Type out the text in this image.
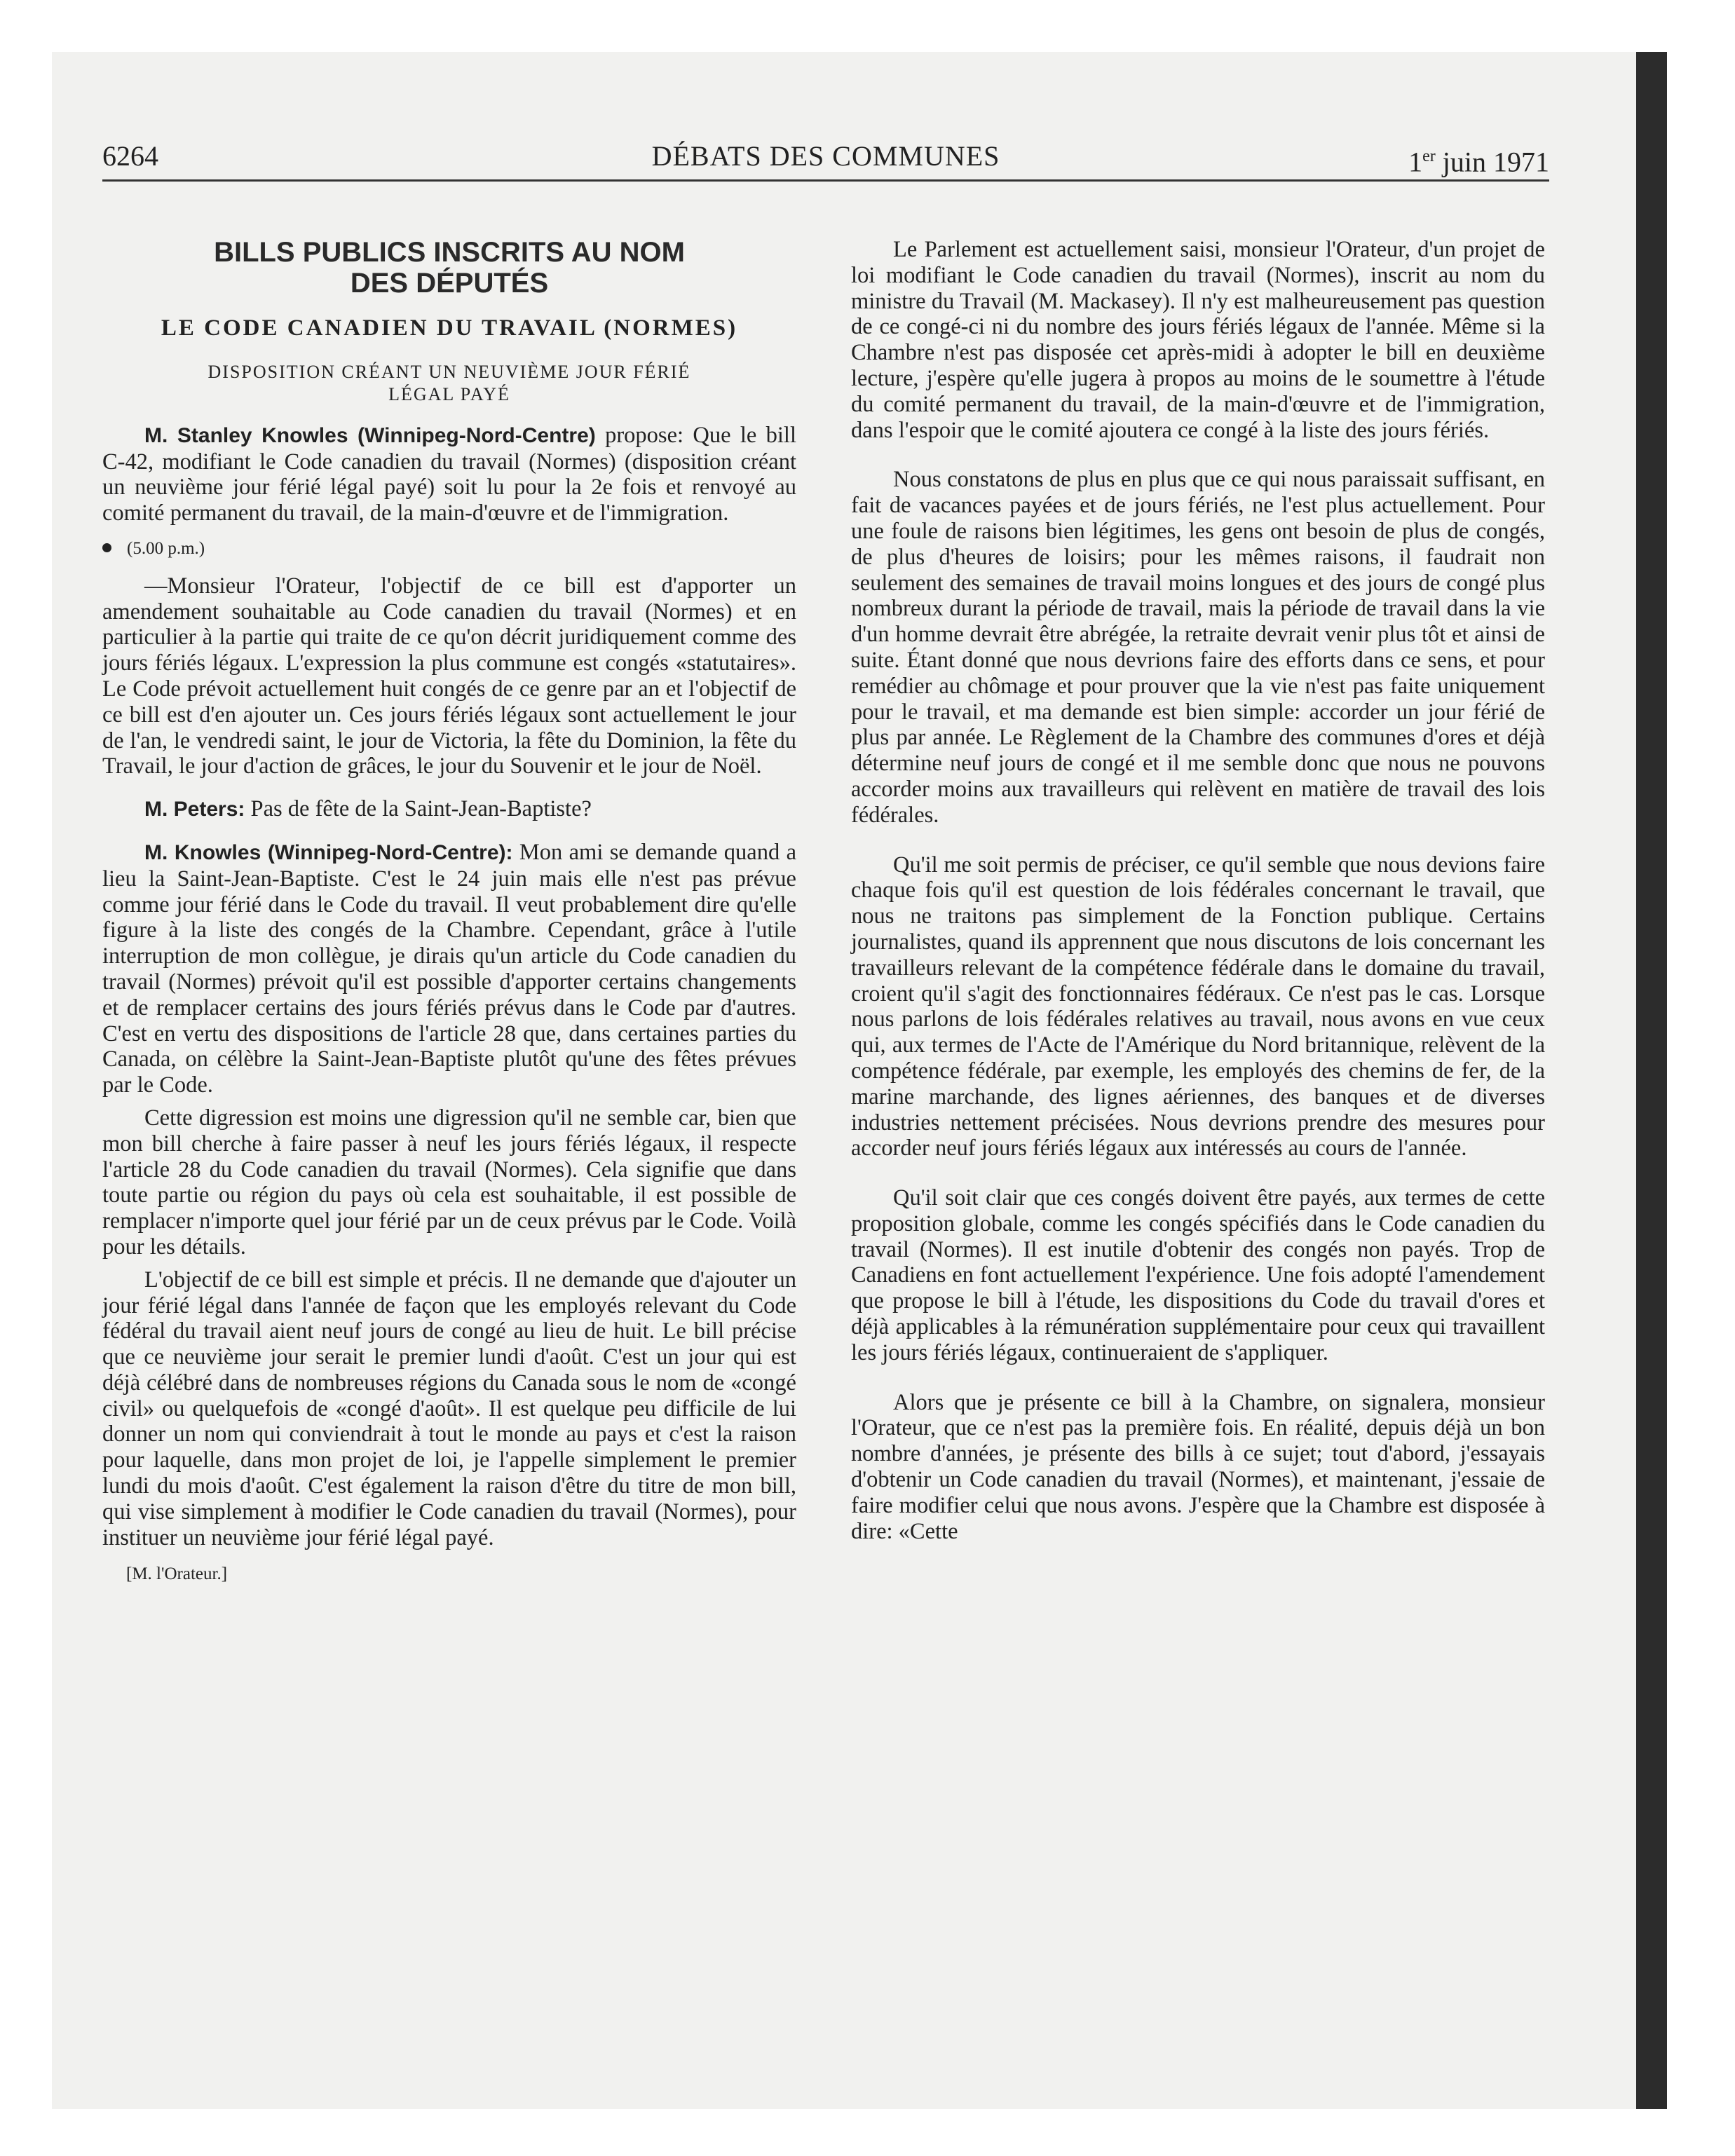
6264	DÉBATS DES COMMUNES	1er juin 1971
BILLS PUBLICS INSCRITS AU NOM DES DÉPUTÉS
LE CODE CANADIEN DU TRAVAIL (NORMES)
DISPOSITION CRÉANT UN NEUVIÈME JOUR FÉRIÉ LÉGAL PAYÉ

M. Stanley Knowles (Winnipeg-Nord-Centre) propose: Que le bill C-42, modifiant le Code canadien du travail (Normes) (disposition créant un neuvième jour férié légal payé) soit lu pour la 2e fois et renvoyé au comité permanent du travail, de la main-d'œuvre et de l'immigration.

(5.00 p.m.)

—Monsieur l'Orateur, l'objectif de ce bill est d'apporter un amendement souhaitable au Code canadien du travail (Normes) et en particulier à la partie qui traite de ce qu'on décrit juridiquement comme des jours fériés légaux. L'expression la plus commune est congés «statutaires». Le Code prévoit actuellement huit congés de ce genre par an et l'objectif de ce bill est d'en ajouter un. Ces jours fériés légaux sont actuellement le jour de l'an, le vendredi saint, le jour de Victoria, la fête du Dominion, la fête du Travail, le jour d'action de grâces, le jour du Souvenir et le jour de Noël.

M. Peters: Pas de fête de la Saint-Jean-Baptiste?

M. Knowles (Winnipeg-Nord-Centre): Mon ami se demande quand a lieu la Saint-Jean-Baptiste. C'est le 24 juin mais elle n'est pas prévue comme jour férié dans le Code du travail. Il veut probablement dire qu'elle figure à la liste des congés de la Chambre. Cependant, grâce à l'utile interruption de mon collègue, je dirais qu'un article du Code canadien du travail (Normes) prévoit qu'il est possible d'apporter certains changements et de remplacer certains des jours fériés prévus dans le Code par d'autres. C'est en vertu des dispositions de l'article 28 que, dans certaines parties du Canada, on célèbre la Saint-Jean-Baptiste plutôt qu'une des fêtes prévues par le Code.

Cette digression est moins une digression qu'il ne semble car, bien que mon bill cherche à faire passer à neuf les jours fériés légaux, il respecte l'article 28 du Code canadien du travail (Normes). Cela signifie que dans toute partie ou région du pays où cela est souhaitable, il est possible de remplacer n'importe quel jour férié par un de ceux prévus par le Code. Voilà pour les détails.

L'objectif de ce bill est simple et précis. Il ne demande que d'ajouter un jour férié légal dans l'année de façon que les employés relevant du Code fédéral du travail aient neuf jours de congé au lieu de huit. Le bill précise que ce neuvième jour serait le premier lundi d'août. C'est un jour qui est déjà célébré dans de nombreuses régions du Canada sous le nom de «congé civil» ou quelquefois de «congé d'août». Il est quelque peu difficile de lui donner un nom qui conviendrait à tout le monde au pays et c'est la raison pour laquelle, dans mon projet de loi, je l'appelle simplement le premier lundi du mois d'août. C'est également la raison d'être du titre de mon bill, qui vise simplement à modifier le Code canadien du travail (Normes), pour instituer un neuvième jour férié légal payé.

[M. l'Orateur.]

Le Parlement est actuellement saisi, monsieur l'Orateur, d'un projet de loi modifiant le Code canadien du travail (Normes), inscrit au nom du ministre du Travail (M. Mackasey). Il n'y est malheureusement pas question de ce congé-ci ni du nombre des jours fériés légaux de l'année. Même si la Chambre n'est pas disposée cet après-midi à adopter le bill en deuxième lecture, j'espère qu'elle jugera à propos au moins de le soumettre à l'étude du comité permanent du travail, de la main-d'œuvre et de l'immigration, dans l'espoir que le comité ajoutera ce congé à la liste des jours fériés.

Nous constatons de plus en plus que ce qui nous paraissait suffisant, en fait de vacances payées et de jours fériés, ne l'est plus actuellement. Pour une foule de raisons bien légitimes, les gens ont besoin de plus de congés, de plus d'heures de loisirs; pour les mêmes raisons, il faudrait non seulement des semaines de travail moins longues et des jours de congé plus nombreux durant la période de travail, mais la période de travail dans la vie d'un homme devrait être abrégée, la retraite devrait venir plus tôt et ainsi de suite. Étant donné que nous devrions faire des efforts dans ce sens, et pour remédier au chômage et pour prouver que la vie n'est pas faite uniquement pour le travail, et ma demande est bien simple: accorder un jour férié de plus par année. Le Règlement de la Chambre des communes d'ores et déjà détermine neuf jours de congé et il me semble donc que nous ne pouvons accorder moins aux travailleurs qui relèvent en matière de travail des lois fédérales.

Qu'il me soit permis de préciser, ce qu'il semble que nous devions faire chaque fois qu'il est question de lois fédérales concernant le travail, que nous ne traitons pas simplement de la Fonction publique. Certains journalistes, quand ils apprennent que nous discutons de lois concernant les travailleurs relevant de la compétence fédérale dans le domaine du travail, croient qu'il s'agit des fonctionnaires fédéraux. Ce n'est pas le cas. Lorsque nous parlons de lois fédérales relatives au travail, nous avons en vue ceux qui, aux termes de l'Acte de l'Amérique du Nord britannique, relèvent de la compétence fédérale, par exemple, les employés des chemins de fer, de la marine marchande, des lignes aériennes, des banques et de diverses industries nettement précisées. Nous devrions prendre des mesures pour accorder neuf jours fériés légaux aux intéressés au cours de l'année.

Qu'il soit clair que ces congés doivent être payés, aux termes de cette proposition globale, comme les congés spécifiés dans le Code canadien du travail (Normes). Il est inutile d'obtenir des congés non payés. Trop de Canadiens en font actuellement l'expérience. Une fois adopté l'amendement que propose le bill à l'étude, les dispositions du Code du travail d'ores et déjà applicables à la rémunération supplémentaire pour ceux qui travaillent les jours fériés légaux, continueraient de s'appliquer.

Alors que je présente ce bill à la Chambre, on signalera, monsieur l'Orateur, que ce n'est pas la première fois. En réalité, depuis déjà un bon nombre d'années, je présente des bills à ce sujet; tout d'abord, j'essayais d'obtenir un Code canadien du travail (Normes), et maintenant, j'essaie de faire modifier celui que nous avons. J'espère que la Chambre est disposée à dire: «Cette
